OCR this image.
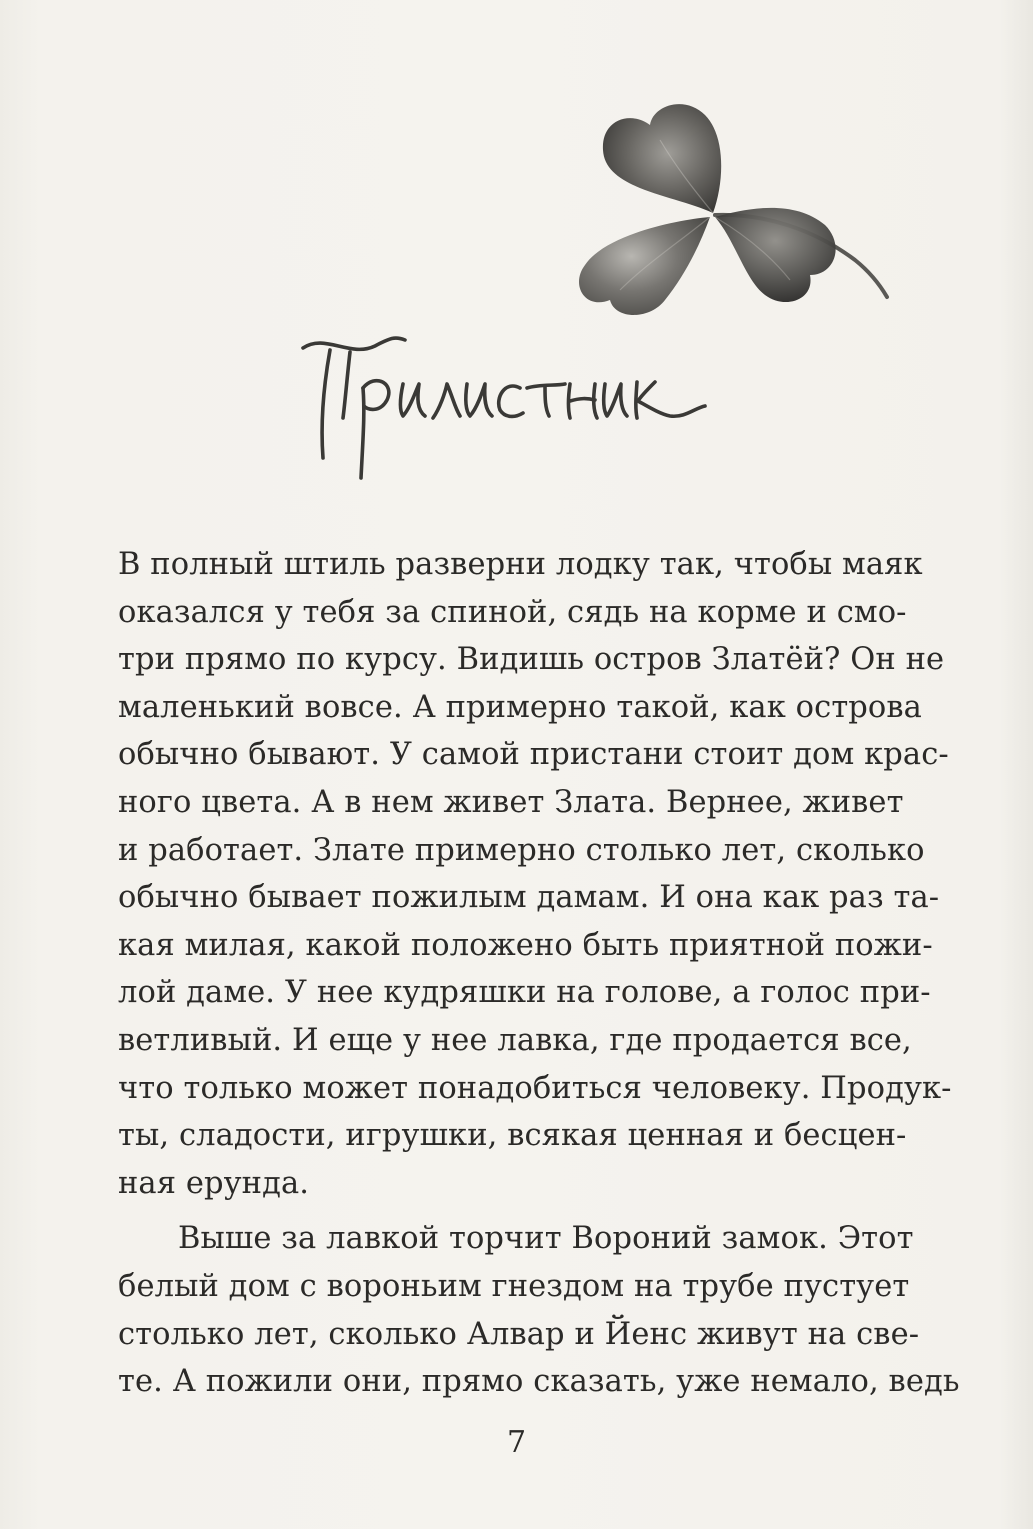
В полный штиль разверни лодку так, чтобы маяк
оказался у тебя за спиной, сядь на корме и смо-
три прямо по курсу. Видишь остров Златёй? Он не
маленький вовсе. А примерно такой, как острова
обычно бывают. У самой пристани стоит дом крас-
ного цвета. А в нем живет Злата. Вернее, живет
и работает. Злате примерно столько лет, сколько
обычно бывает пожилым дамам. И она как раз та-
кая милая, какой положено быть приятной пожи-
лой даме. У нее кудряшки на голове, а голос при-
ветливый. И еще у нее лавка, где продается все,
что только может понадобиться человеку. Продук-
ты, сладости, игрушки, всякая ценная и бесцен-
ная ерунда.
Выше за лавкой торчит Вороний замок. Этот
белый дом с вороньим гнездом на трубе пустует
столько лет, сколько Алвар и Йенс живут на све-
те. А пожили они, прямо сказать, уже немало, ведь
7
